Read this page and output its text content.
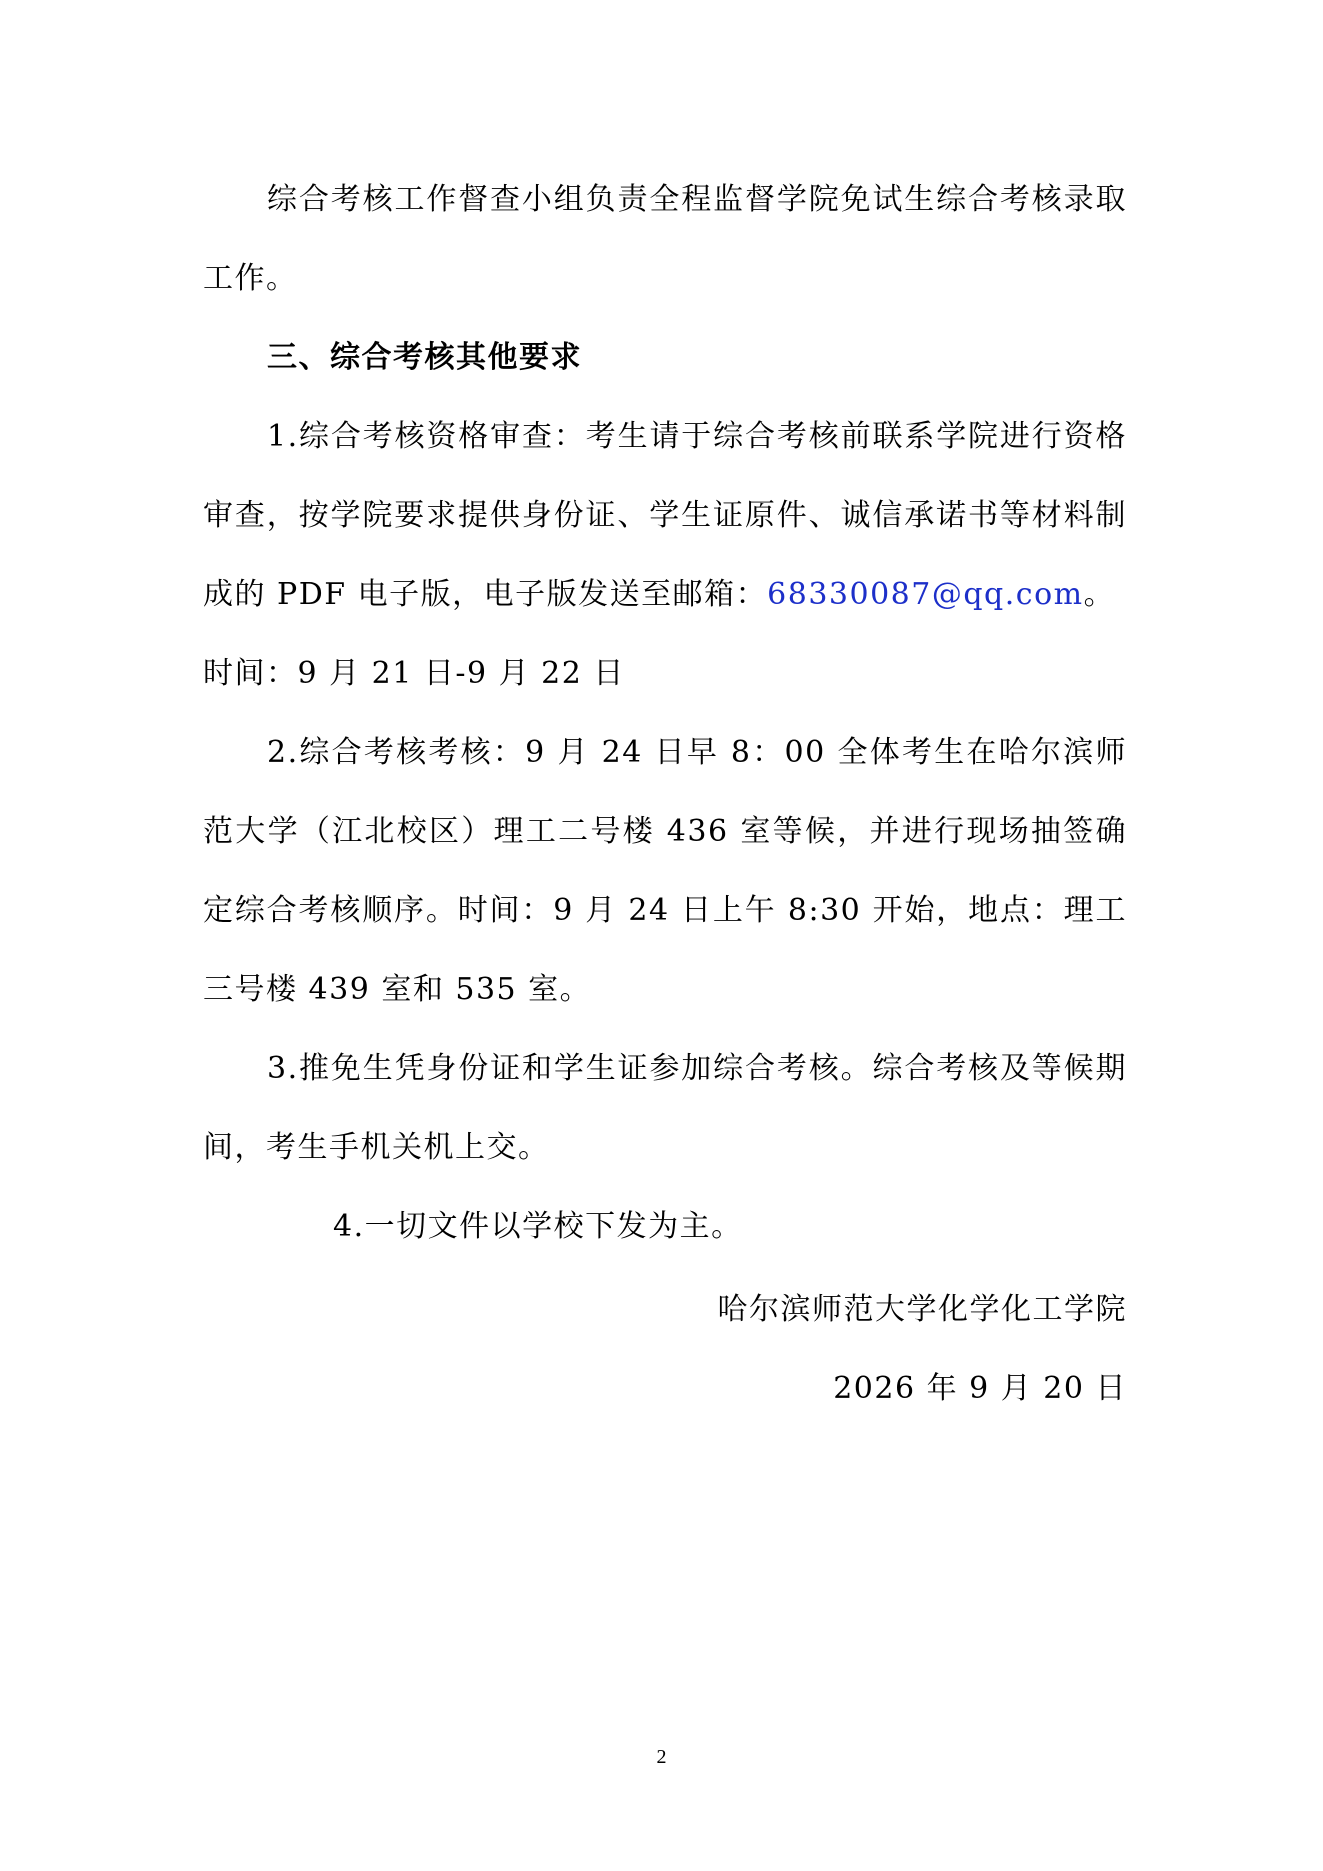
综合考核工作督查小组负责全程监督学院免试生综合考核录取工作。

三、综合考核其他要求

1.综合考核资格审查：考生请于综合考核前联系学院进行资格审查，按学院要求提供身份证、学生证原件、诚信承诺书等材料制成的 PDF 电子版，电子版发送至邮箱：68330087@qq.com。

时间：9 月 21 日-9 月 22 日

2.综合考核考核：9 月 24 日早 8：00 全体考生在哈尔滨师范大学（江北校区）理工二号楼 436 室等候，并进行现场抽签确定综合考核顺序。时间：9 月 24 日上午 8:30 开始，地点：理工三号楼 439 室和 535 室。

3.推免生凭身份证和学生证参加综合考核。综合考核及等候期间，考生手机关机上交。

4.一切文件以学校下发为主。

哈尔滨师范大学化学化工学院
2026 年 9 月 20 日
2
